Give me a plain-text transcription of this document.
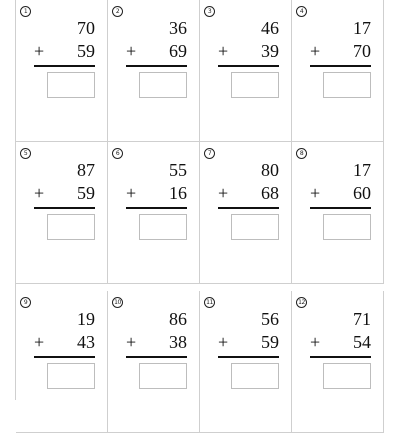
1
70
+ 59
2
36
+ 69
3
46
+ 39
4
17
+ 70
5
87
+ 59
6
55
+ 16
7
80
+ 68
8
17
+ 60
9
19
+ 43
10
86
+ 38
11
56
+ 59
12
71
+ 54
